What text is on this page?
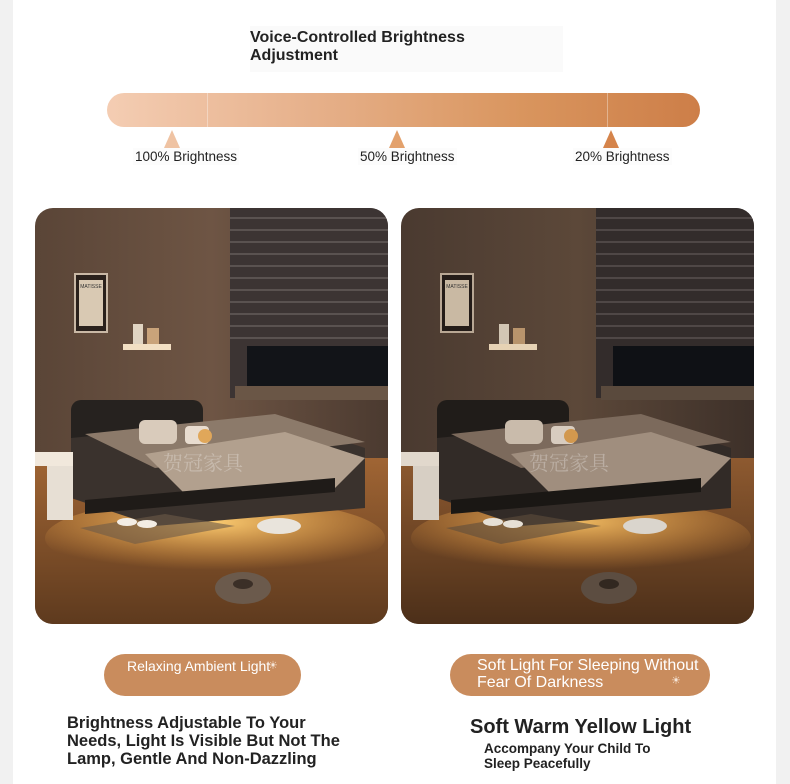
Voice-Controlled Brightness Adjustment
100% Brightness	50% Brightness	20% Brightness
MATISSE
贺冠家具
MATISSE
贺冠家具
Relaxing Ambient Light
☀	Soft Light For Sleeping Without Fear Of Darkness	☀
Brightness Adjustable To Your Needs, Light Is Visible But Not The Lamp, Gentle And Non-Dazzling
Soft Warm Yellow Light
Accompany Your Child To Sleep Peacefully
